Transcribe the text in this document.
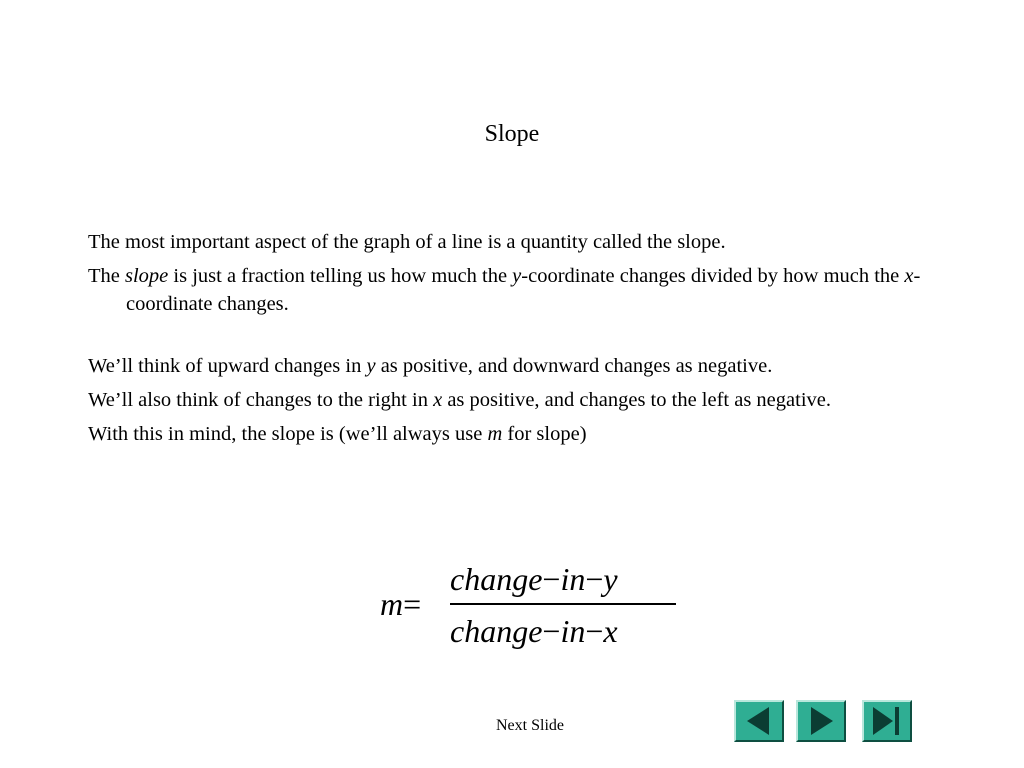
Slope

The most important aspect of the graph of a line is a quantity called the slope.

The slope is just a fraction telling us how much the y-coordinate changes divided by how much the x-coordinate changes.

We’ll think of upward changes in y as positive, and downward changes as negative.

We’ll also think of changes to the right in x as positive, and changes to the left as negative.

With this in mind, the slope is (we’ll always use m for slope)

m=
change−in−y
change−in−x
Next Slide
